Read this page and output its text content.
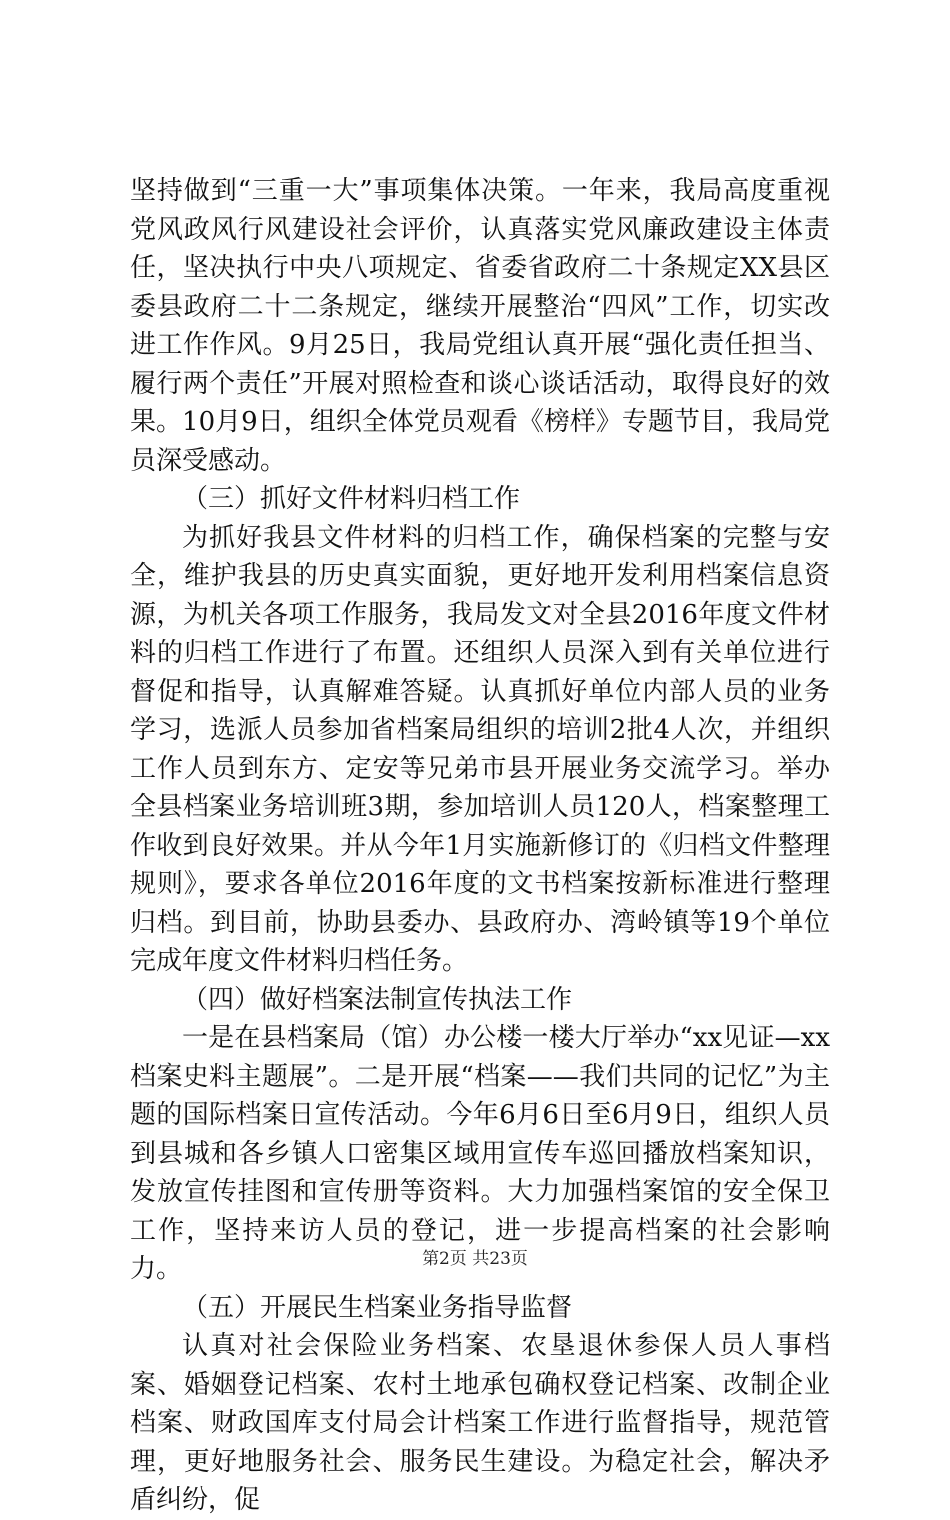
坚持做到“三重一大”事项集体决策。一年来，我局高度重视党风政风行风建设社会评价，认真落实党风廉政建设主体责任，坚决执行中央八项规定、省委省政府二十条规定XX县区委县政府二十二条规定，继续开展整治“四风”工作，切实改进工作作风。9月25日，我局党组认真开展“强化责任担当、履行两个责任”开展对照检查和谈心谈话活动，取得良好的效果。10月9日，组织全体党员观看《榜样》专题节目，我局党员深受感动。

（三）抓好文件材料归档工作

为抓好我县文件材料的归档工作，确保档案的完整与安全，维护我县的历史真实面貌，更好地开发利用档案信息资源，为机关各项工作服务，我局发文对全县2016年度文件材料的归档工作进行了布置。还组织人员深入到有关单位进行督促和指导，认真解难答疑。认真抓好单位内部人员的业务学习，选派人员参加省档案局组织的培训2批4人次，并组织工作人员到东方、定安等兄弟市县开展业务交流学习。举办全县档案业务培训班3期，参加培训人员120人，档案整理工作收到良好效果。并从今年1月实施新修订的《归档文件整理规则》，要求各单位2016年度的文书档案按新标准进行整理归档。到目前，协助县委办、县政府办、湾岭镇等19个单位完成年度文件材料归档任务。

（四）做好档案法制宣传执法工作

一是在县档案局（馆）办公楼一楼大厅举办“xx见证—xx档案史料主题展”。二是开展“档案——我们共同的记忆”为主题的国际档案日宣传活动。今年6月6日至6月9日，组织人员到县城和各乡镇人口密集区域用宣传车巡回播放档案知识，发放宣传挂图和宣传册等资料。大力加强档案馆的安全保卫工作，坚持来访人员的登记，进一步提高档案的社会影响力。

（五）开展民生档案业务指导监督

认真对社会保险业务档案、农垦退休参保人员人事档案、婚姻登记档案、农村土地承包确权登记档案、改制企业档案、财政国库支付局会计档案工作进行监督指导，规范管理，更好地服务社会、服务民生建设。为稳定社会，解决矛盾纠纷，促

第2页 共23页
